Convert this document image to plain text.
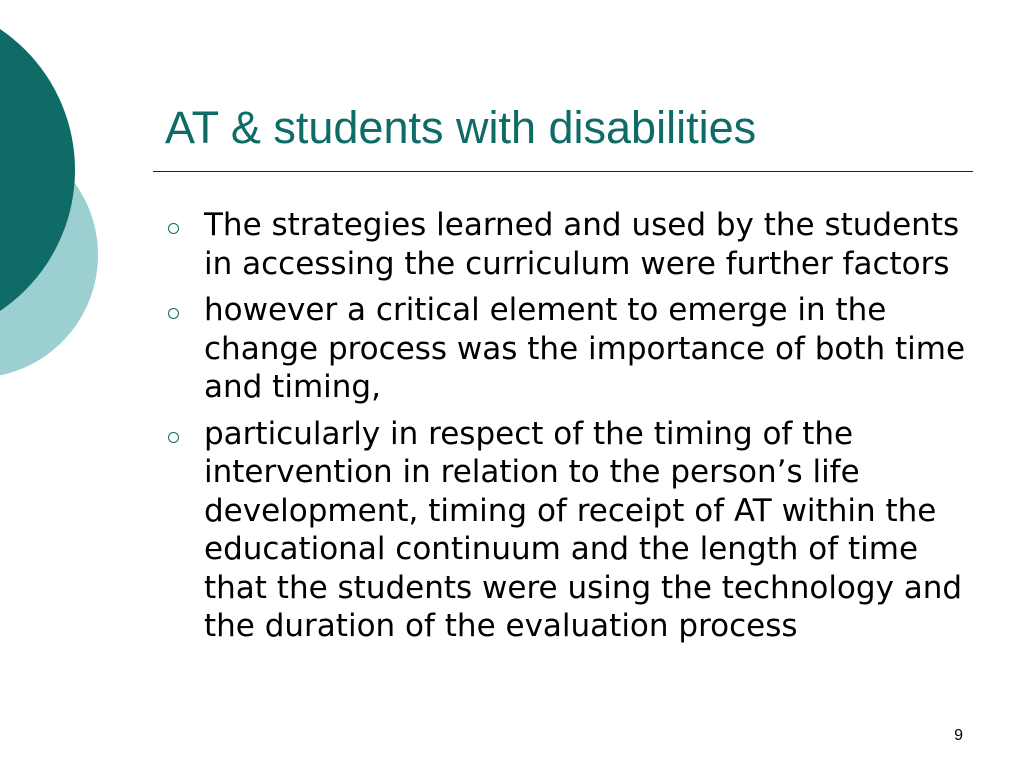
AT & students with disabilities
The strategies learned and used by the students in accessing the curriculum were further factors
however a critical element to emerge in the change process was the importance of both time and timing,
particularly in respect of the timing of the intervention in relation to the person’s life development, timing of receipt of AT within the educational continuum and the length of time that the students were using the technology and the duration of the evaluation process
9
